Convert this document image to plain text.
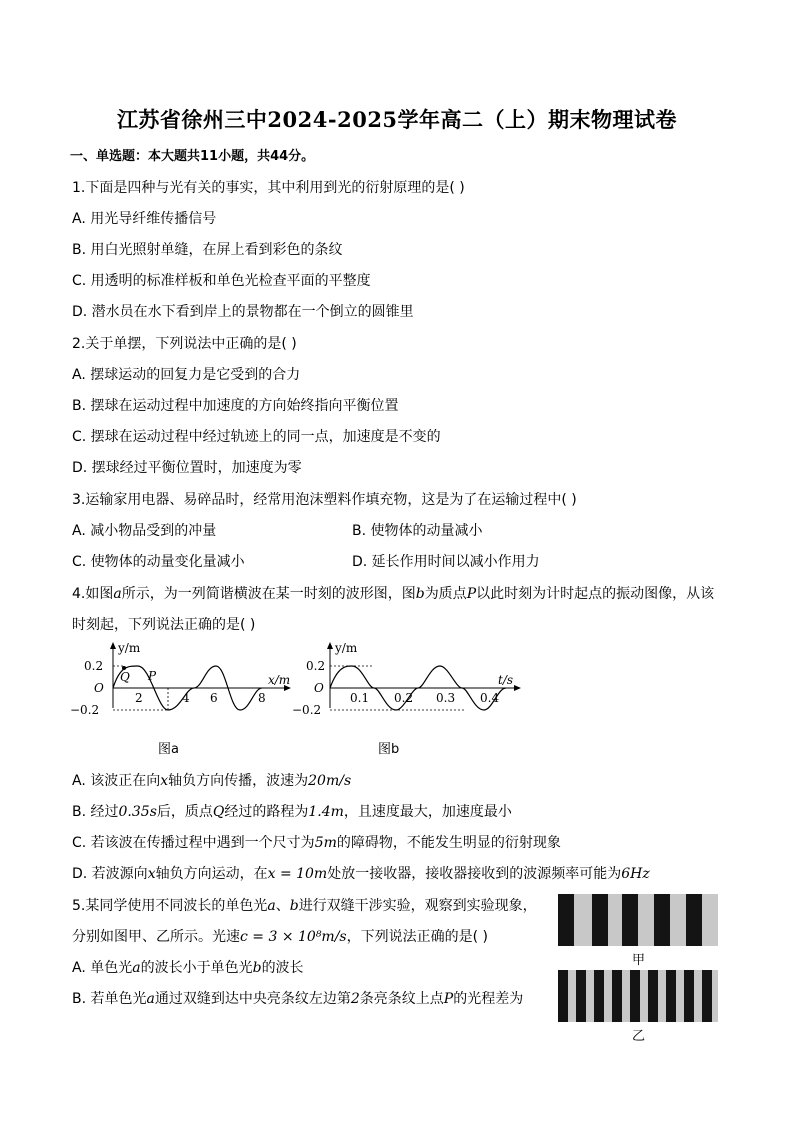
江苏省徐州三中2024-2025学年高二（上）期末物理试卷
一、单选题：本大题共11小题，共44分。
1.下面是四种与光有关的事实，其中利用到光的衍射原理的是( )
A. 用光导纤维传播信号
B. 用白光照射单缝，在屏上看到彩色的条纹
C. 用透明的标准样板和单色光检查平面的平整度
D. 潜水员在水下看到岸上的景物都在一个倒立的圆锥里
2.关于单摆，下列说法中正确的是( )
A. 摆球运动的回复力是它受到的合力
B. 摆球在运动过程中加速度的方向始终指向平衡位置
C. 摆球在运动过程中经过轨迹上的同一点，加速度是不变的
D. 摆球经过平衡位置时，加速度为零
3.运输家用电器、易碎品时，经常用泡沫塑料作填充物，这是为了在运输过程中( )
A. 减小物品受到的冲量	B. 使物体的动量减小
C. 使物体的动量变化量减小	D. 延长作用时间以减小作用力
4.如图a所示，为一列简谐横波在某一时刻的波形图，图b为质点P以此时刻为计时起点的振动图像，从该
时刻起，下列说法正确的是( )
y/m
x/m
O
0.2
−0.2
Q P
2	4 6	8
y/m
t/s
O
0.2
−0.2
0.1 0.2 0.3 0.4
图a	图b
A. 该波正在向x轴负方向传播，波速为20m/s
B. 经过0.35s后，质点Q经过的路程为1.4m，且速度最大，加速度最小
C. 若该波在传播过程中遇到一个尺寸为5m的障碍物，不能发生明显的衍射现象
D. 若波源向x轴负方向运动，在x = 10m处放一接收器，接收器接收到的波源频率可能为6Hz
5.某同学使用不同波长的单色光a、b进行双缝干涉实验，观察到实验现象，
分别如图甲、乙所示。光速c = 3 × 10⁸m/s，下列说法正确的是( )
A. 单色光a的波长小于单色光b的波长
B. 若单色光a通过双缝到达中央亮条纹左边第2条亮条纹上点P的光程差为
甲
乙
